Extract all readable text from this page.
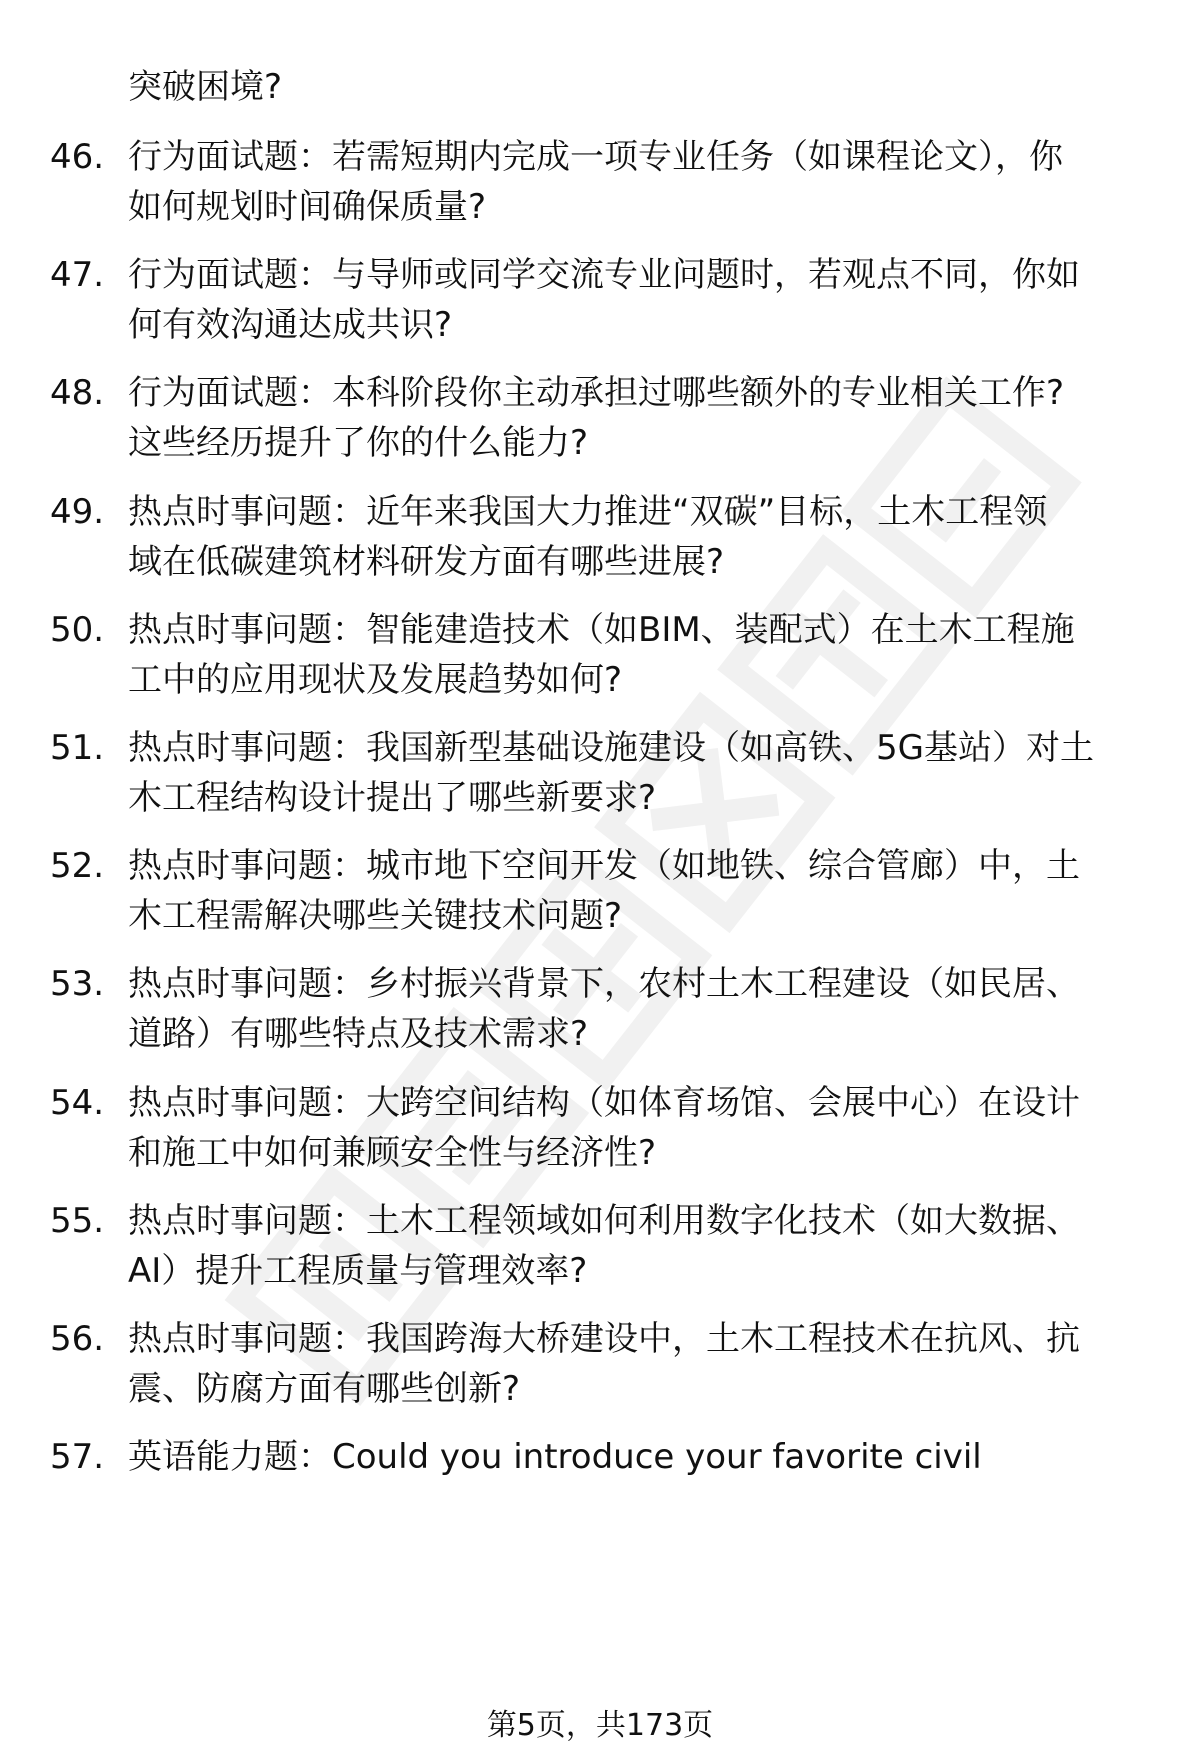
突破困境?
46. 行为面试题：若需短期内完成一项专业任务（如课程论文），你
如何规划时间确保质量?
47. 行为面试题：与导师或同学交流专业问题时，若观点不同，你如
何有效沟通达成共识?
48. 行为面试题：本科阶段你主动承担过哪些额外的专业相关工作?
这些经历提升了你的什么能力?
49. 热点时事问题：近年来我国大力推进“双碳”目标，土木工程领
域在低碳建筑材料研发方面有哪些进展?
50. 热点时事问题：智能建造技术（如BIM、装配式）在土木工程施
工中的应用现状及发展趋势如何?
51. 热点时事问题：我国新型基础设施建设（如高铁、5G基站）对土
木工程结构设计提出了哪些新要求?
52. 热点时事问题：城市地下空间开发（如地铁、综合管廊）中，土
木工程需解决哪些关键技术问题?
53. 热点时事问题：乡村振兴背景下，农村土木工程建设（如民居、
道路）有哪些特点及技术需求?
54. 热点时事问题：大跨空间结构（如体育场馆、会展中心）在设计
和施工中如何兼顾安全性与经济性?
55. 热点时事问题：土木工程领域如何利用数字化技术（如大数据、
AI）提升工程质量与管理效率?
56. 热点时事问题：我国跨海大桥建设中，土木工程技术在抗风、抗
震、防腐方面有哪些创新?
57. 英语能力题：Could you introduce your favorite civil
第5页，共173页
